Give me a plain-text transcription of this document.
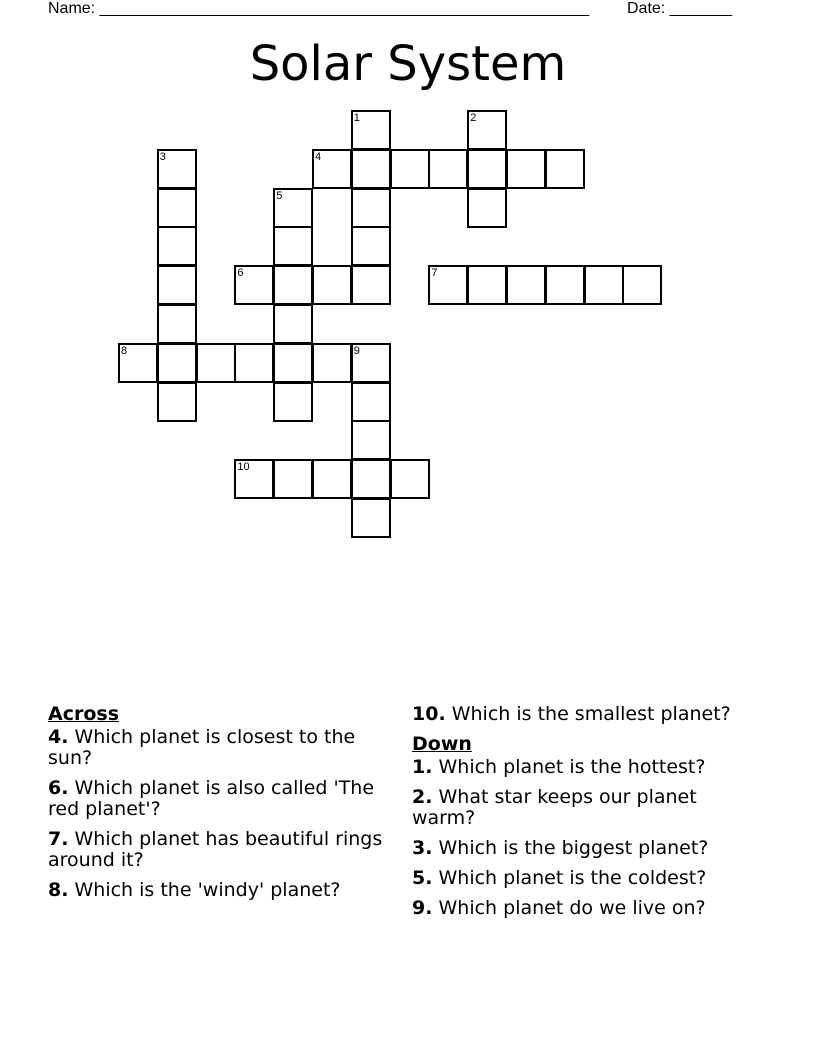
Name: _______________________________________________________ Date: _______
Solar System
1	2
3	4
5
6	7
8	9
10
Across
4. Which planet is closest to the sun?
6. Which planet is also called 'The red planet'?
7. Which planet has beautiful rings around it?
8. Which is the 'windy' planet?
10. Which is the smallest planet?
Down
1. Which planet is the hottest?
2. What star keeps our planet warm?
3. Which is the biggest planet?
5. Which planet is the coldest?
9. Which planet do we live on?
